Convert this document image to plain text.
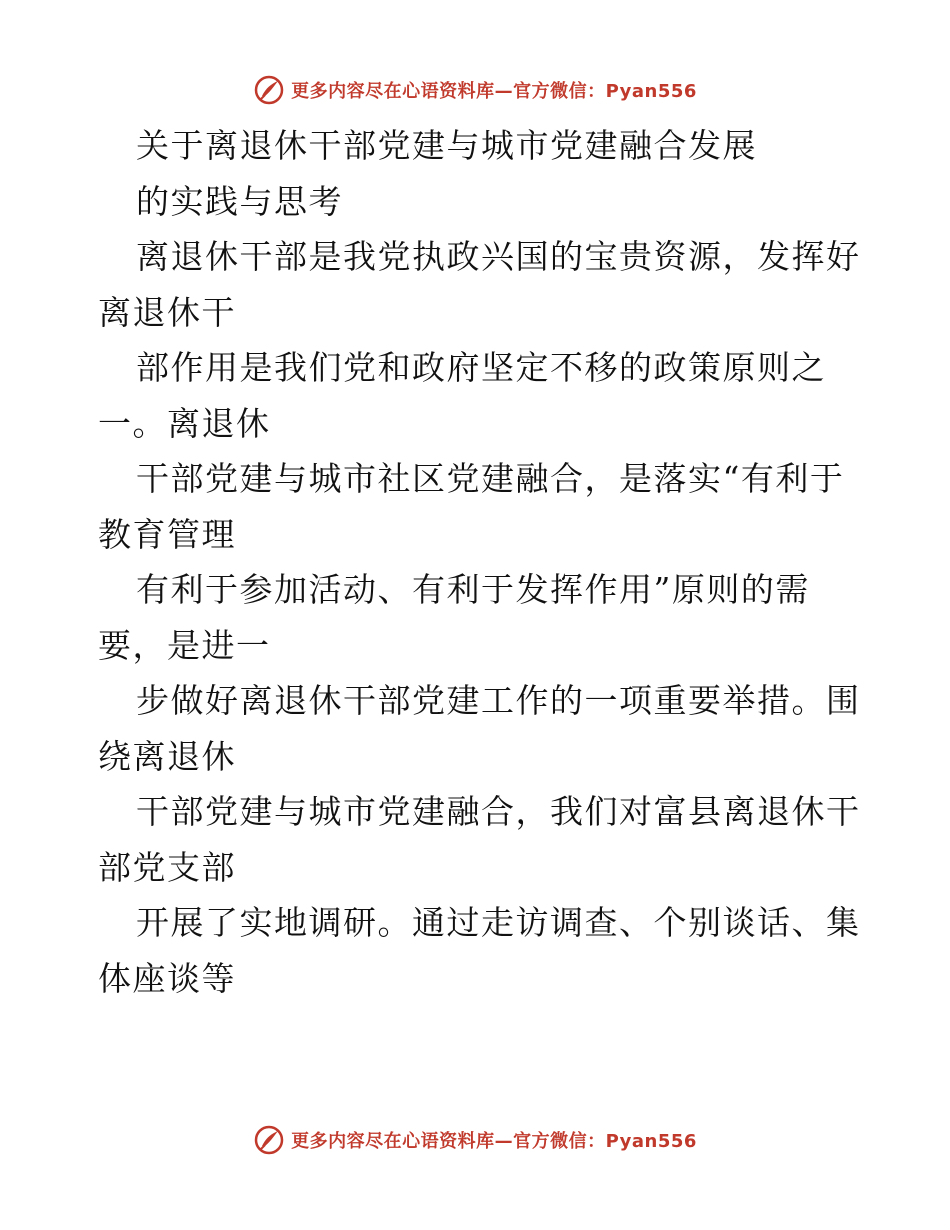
更多内容尽在心语资料库—官方微信：Pyan556
关于离退休干部党建与城市党建融合发展
的实践与思考
离退休干部是我党执政兴国的宝贵资源，发挥好
离退休干
部作用是我们党和政府坚定不移的政策原则之
一。离退休
干部党建与城市社区党建融合，是落实“有利于
教育管理
有利于参加活动、有利于发挥作用”原则的需
要，是进一
步做好离退休干部党建工作的一项重要举措。围
绕离退休
干部党建与城市党建融合，我们对富县离退休干
部党支部
开展了实地调研。通过走访调查、个别谈话、集
体座谈等
更多内容尽在心语资料库—官方微信：Pyan556
